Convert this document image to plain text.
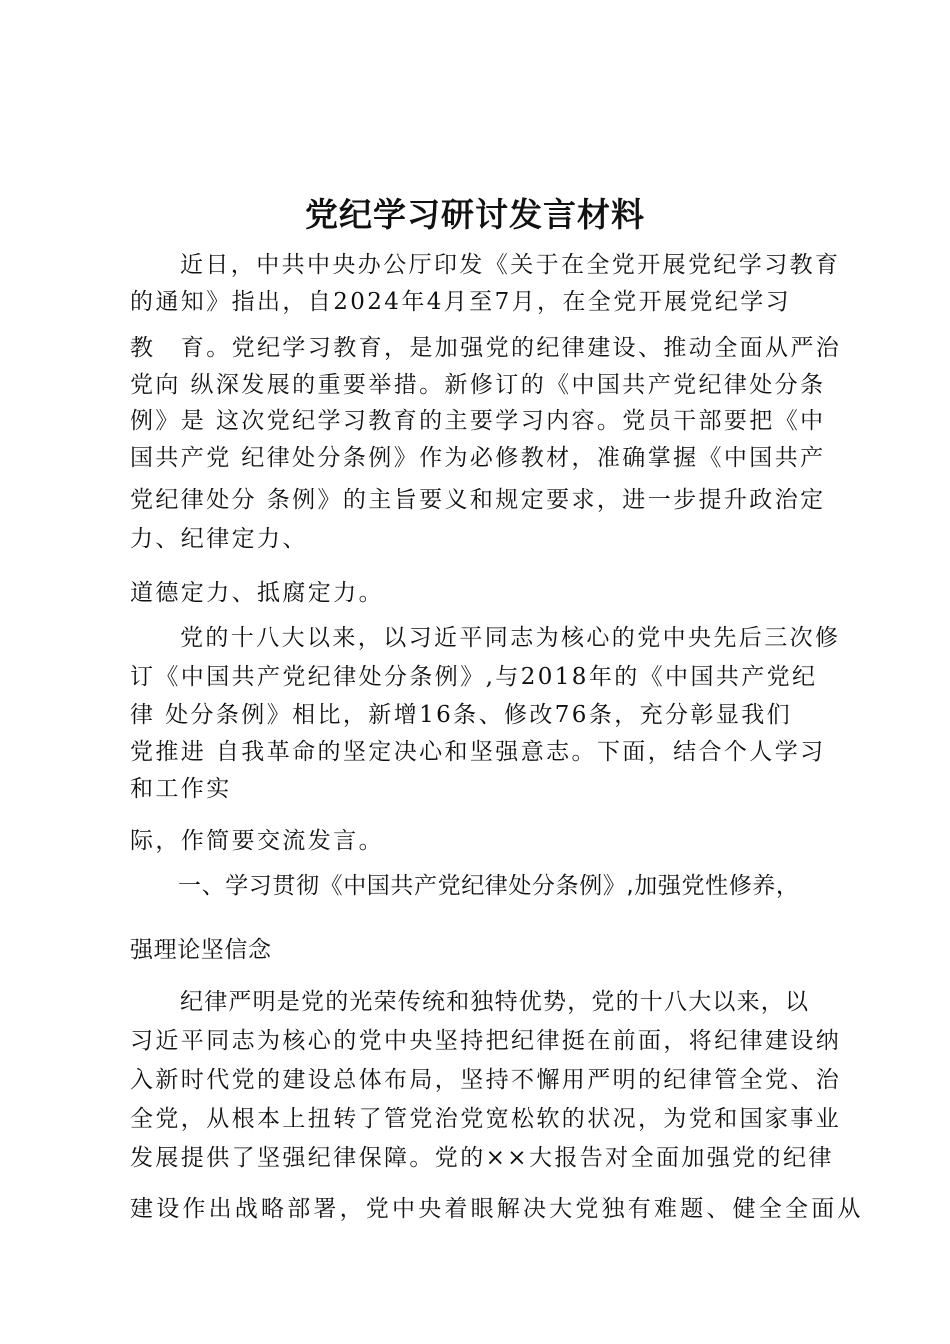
党纪学习研讨发言材料
近日，中共中央办公厅印发《关于在全党开展党纪学习教育
的通知》指出，自2024年4月至7月，在全党开展党纪学习
教　育。党纪学习教育，是加强党的纪律建设、推动全面从严治
党向 纵深发展的重要举措。新修订的《中国共产党纪律处分条
例》是 这次党纪学习教育的主要学习内容。党员干部要把《中
国共产党 纪律处分条例》作为必修教材，准确掌握《中国共产
党纪律处分 条例》的主旨要义和规定要求，进一步提升政治定
力、纪律定力、
道德定力、抵腐定力。
党的十八大以来，以习近平同志为核心的党中央先后三次修
订《中国共产党纪律处分条例》,与2018年的《中国共产党纪
律 处分条例》相比，新增16条、修改76条，充分彰显我们
党推进 自我革命的坚定决心和坚强意志。下面，结合个人学习
和工作实
际，作简要交流发言。
一、学习贯彻《中国共产党纪律处分条例》,加强党性修养，
强理论坚信念
纪律严明是党的光荣传统和独特优势，党的十八大以来，以
习近平同志为核心的党中央坚持把纪律挺在前面，将纪律建设纳
入新时代党的建设总体布局，坚持不懈用严明的纪律管全党、治
全党，从根本上扭转了管党治党宽松软的状况，为党和国家事业
发展提供了坚强纪律保障。党的××大报告对全面加强党的纪律
建设作出战略部署，党中央着眼解决大党独有难题、健全全面从
